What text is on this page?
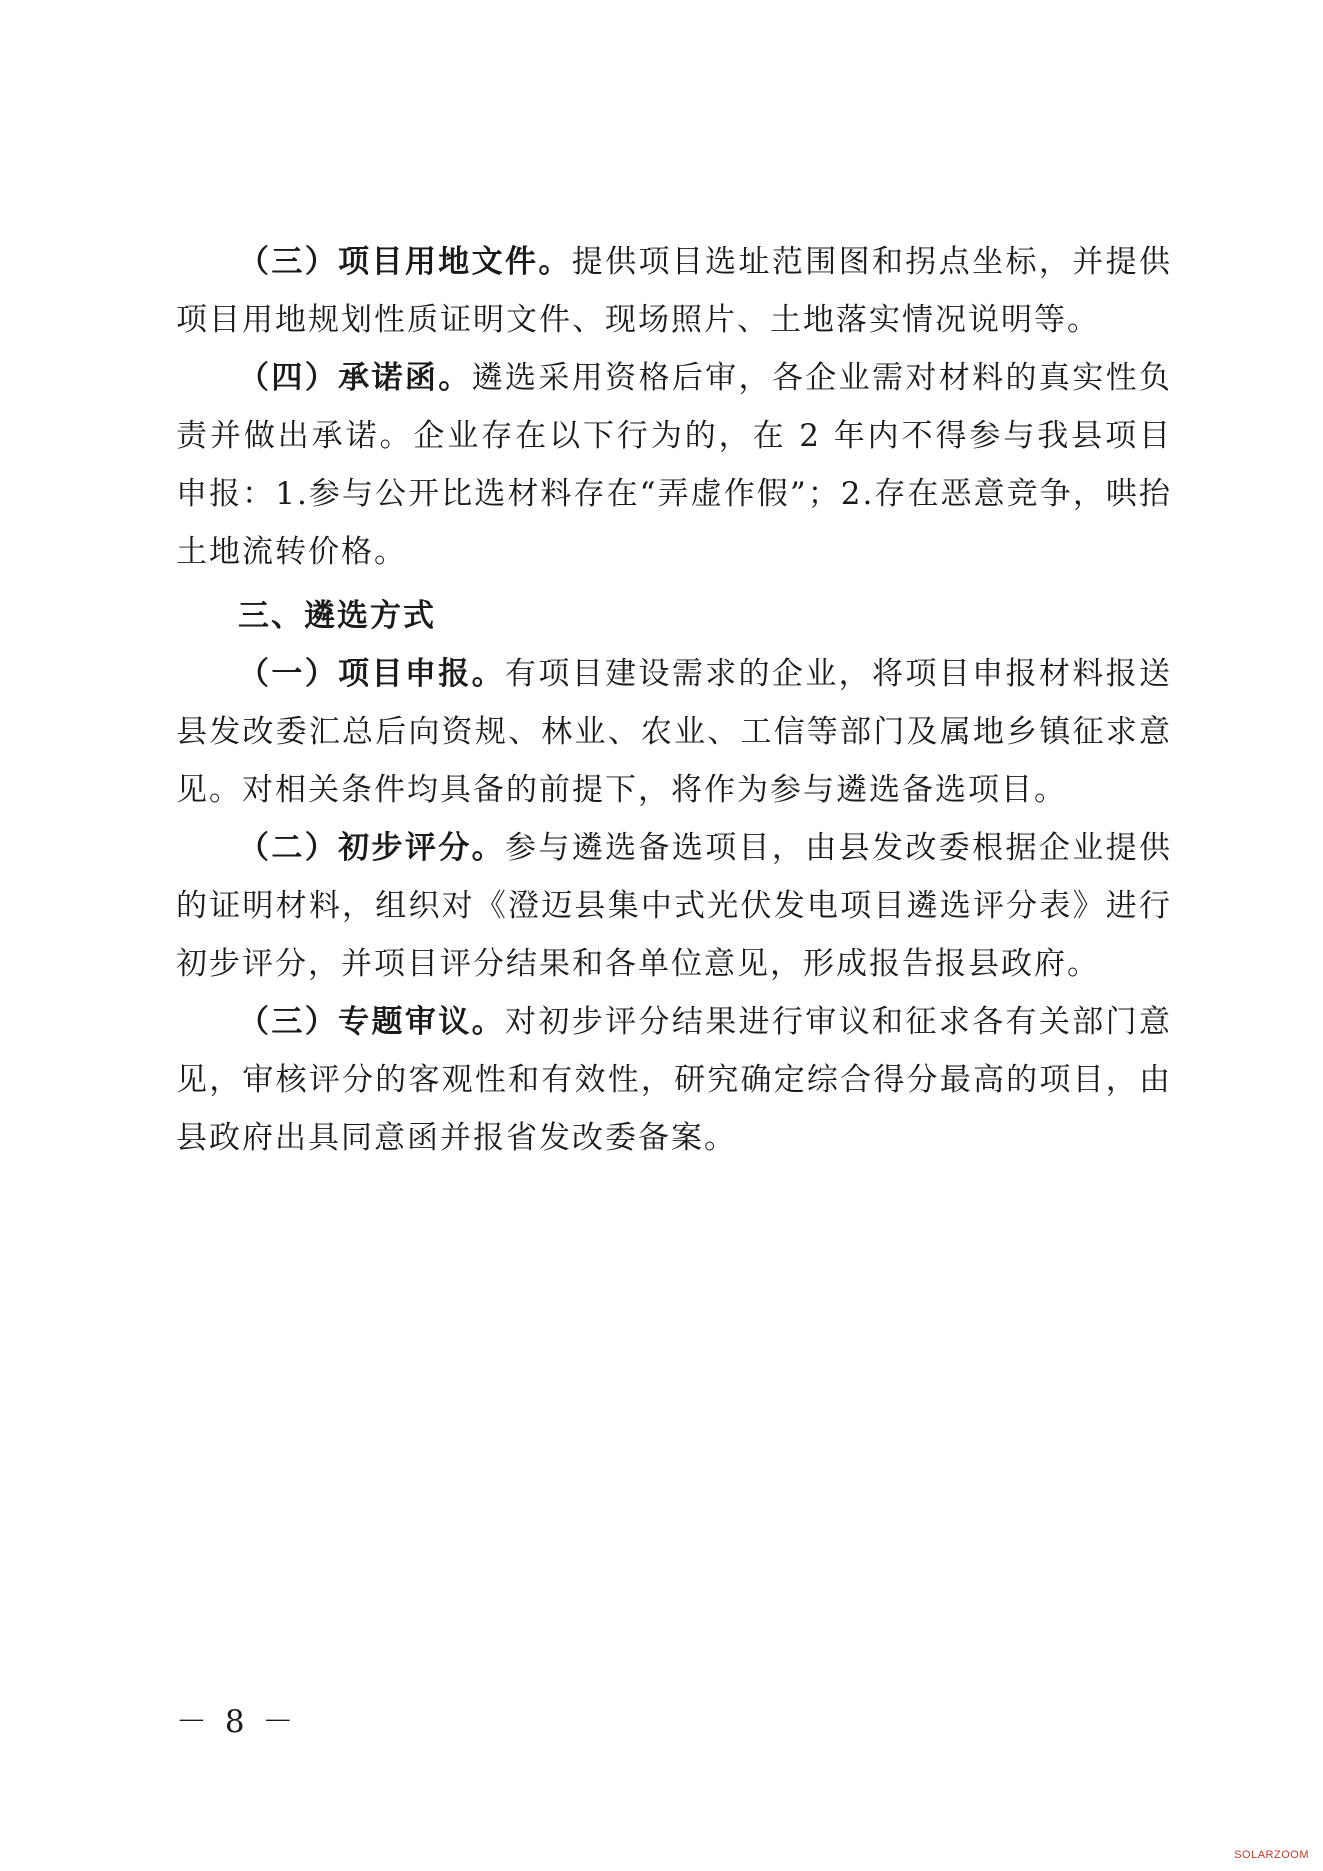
（三）项目用地文件。提供项目选址范围图和拐点坐标，并提供项目用地规划性质证明文件、现场照片、土地落实情况说明等。

（四）承诺函。遴选采用资格后审，各企业需对材料的真实性负责并做出承诺。企业存在以下行为的，在 2 年内不得参与我县项目申报：1.参与公开比选材料存在“弄虚作假”；2.存在恶意竞争，哄抬土地流转价格。

三、遴选方式

（一）项目申报。有项目建设需求的企业，将项目申报材料报送县发改委汇总后向资规、林业、农业、工信等部门及属地乡镇征求意见。对相关条件均具备的前提下，将作为参与遴选备选项目。

（二）初步评分。参与遴选备选项目，由县发改委根据企业提供的证明材料，组织对《澄迈县集中式光伏发电项目遴选评分表》进行初步评分，并项目评分结果和各单位意见，形成报告报县政府。

（三）专题审议。对初步评分结果进行审议和征求各有关部门意见，审核评分的客观性和有效性，研究确定综合得分最高的项目，由县政府出具同意函并报省发改委备案。

－ 8 －
SOLARZOOM
